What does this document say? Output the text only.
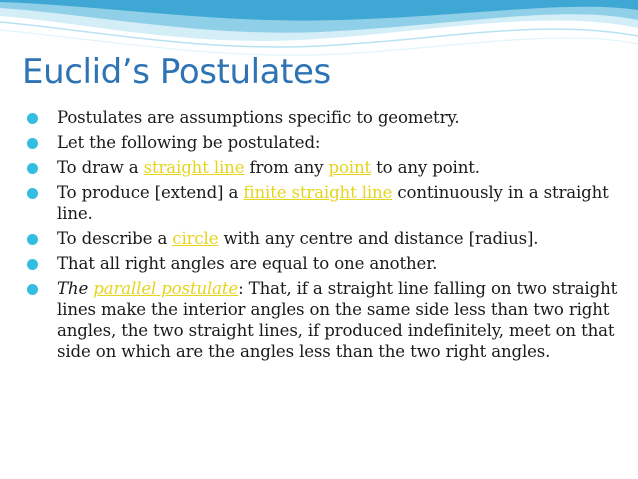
Euclid’s Postulates
Postulates are assumptions specific to geometry.
Let the following be postulated:
To draw a straight line from any point to any point.
To produce [extend] a finite straight line continuously in a straight line.
To describe a circle with any centre and distance [radius].
That all right angles are equal to one another.
The parallel postulate: That, if a straight line falling on two straight lines make the interior angles on the same side less than two right angles, the two straight lines, if produced indefinitely, meet on that side on which are the angles less than the two right angles.
